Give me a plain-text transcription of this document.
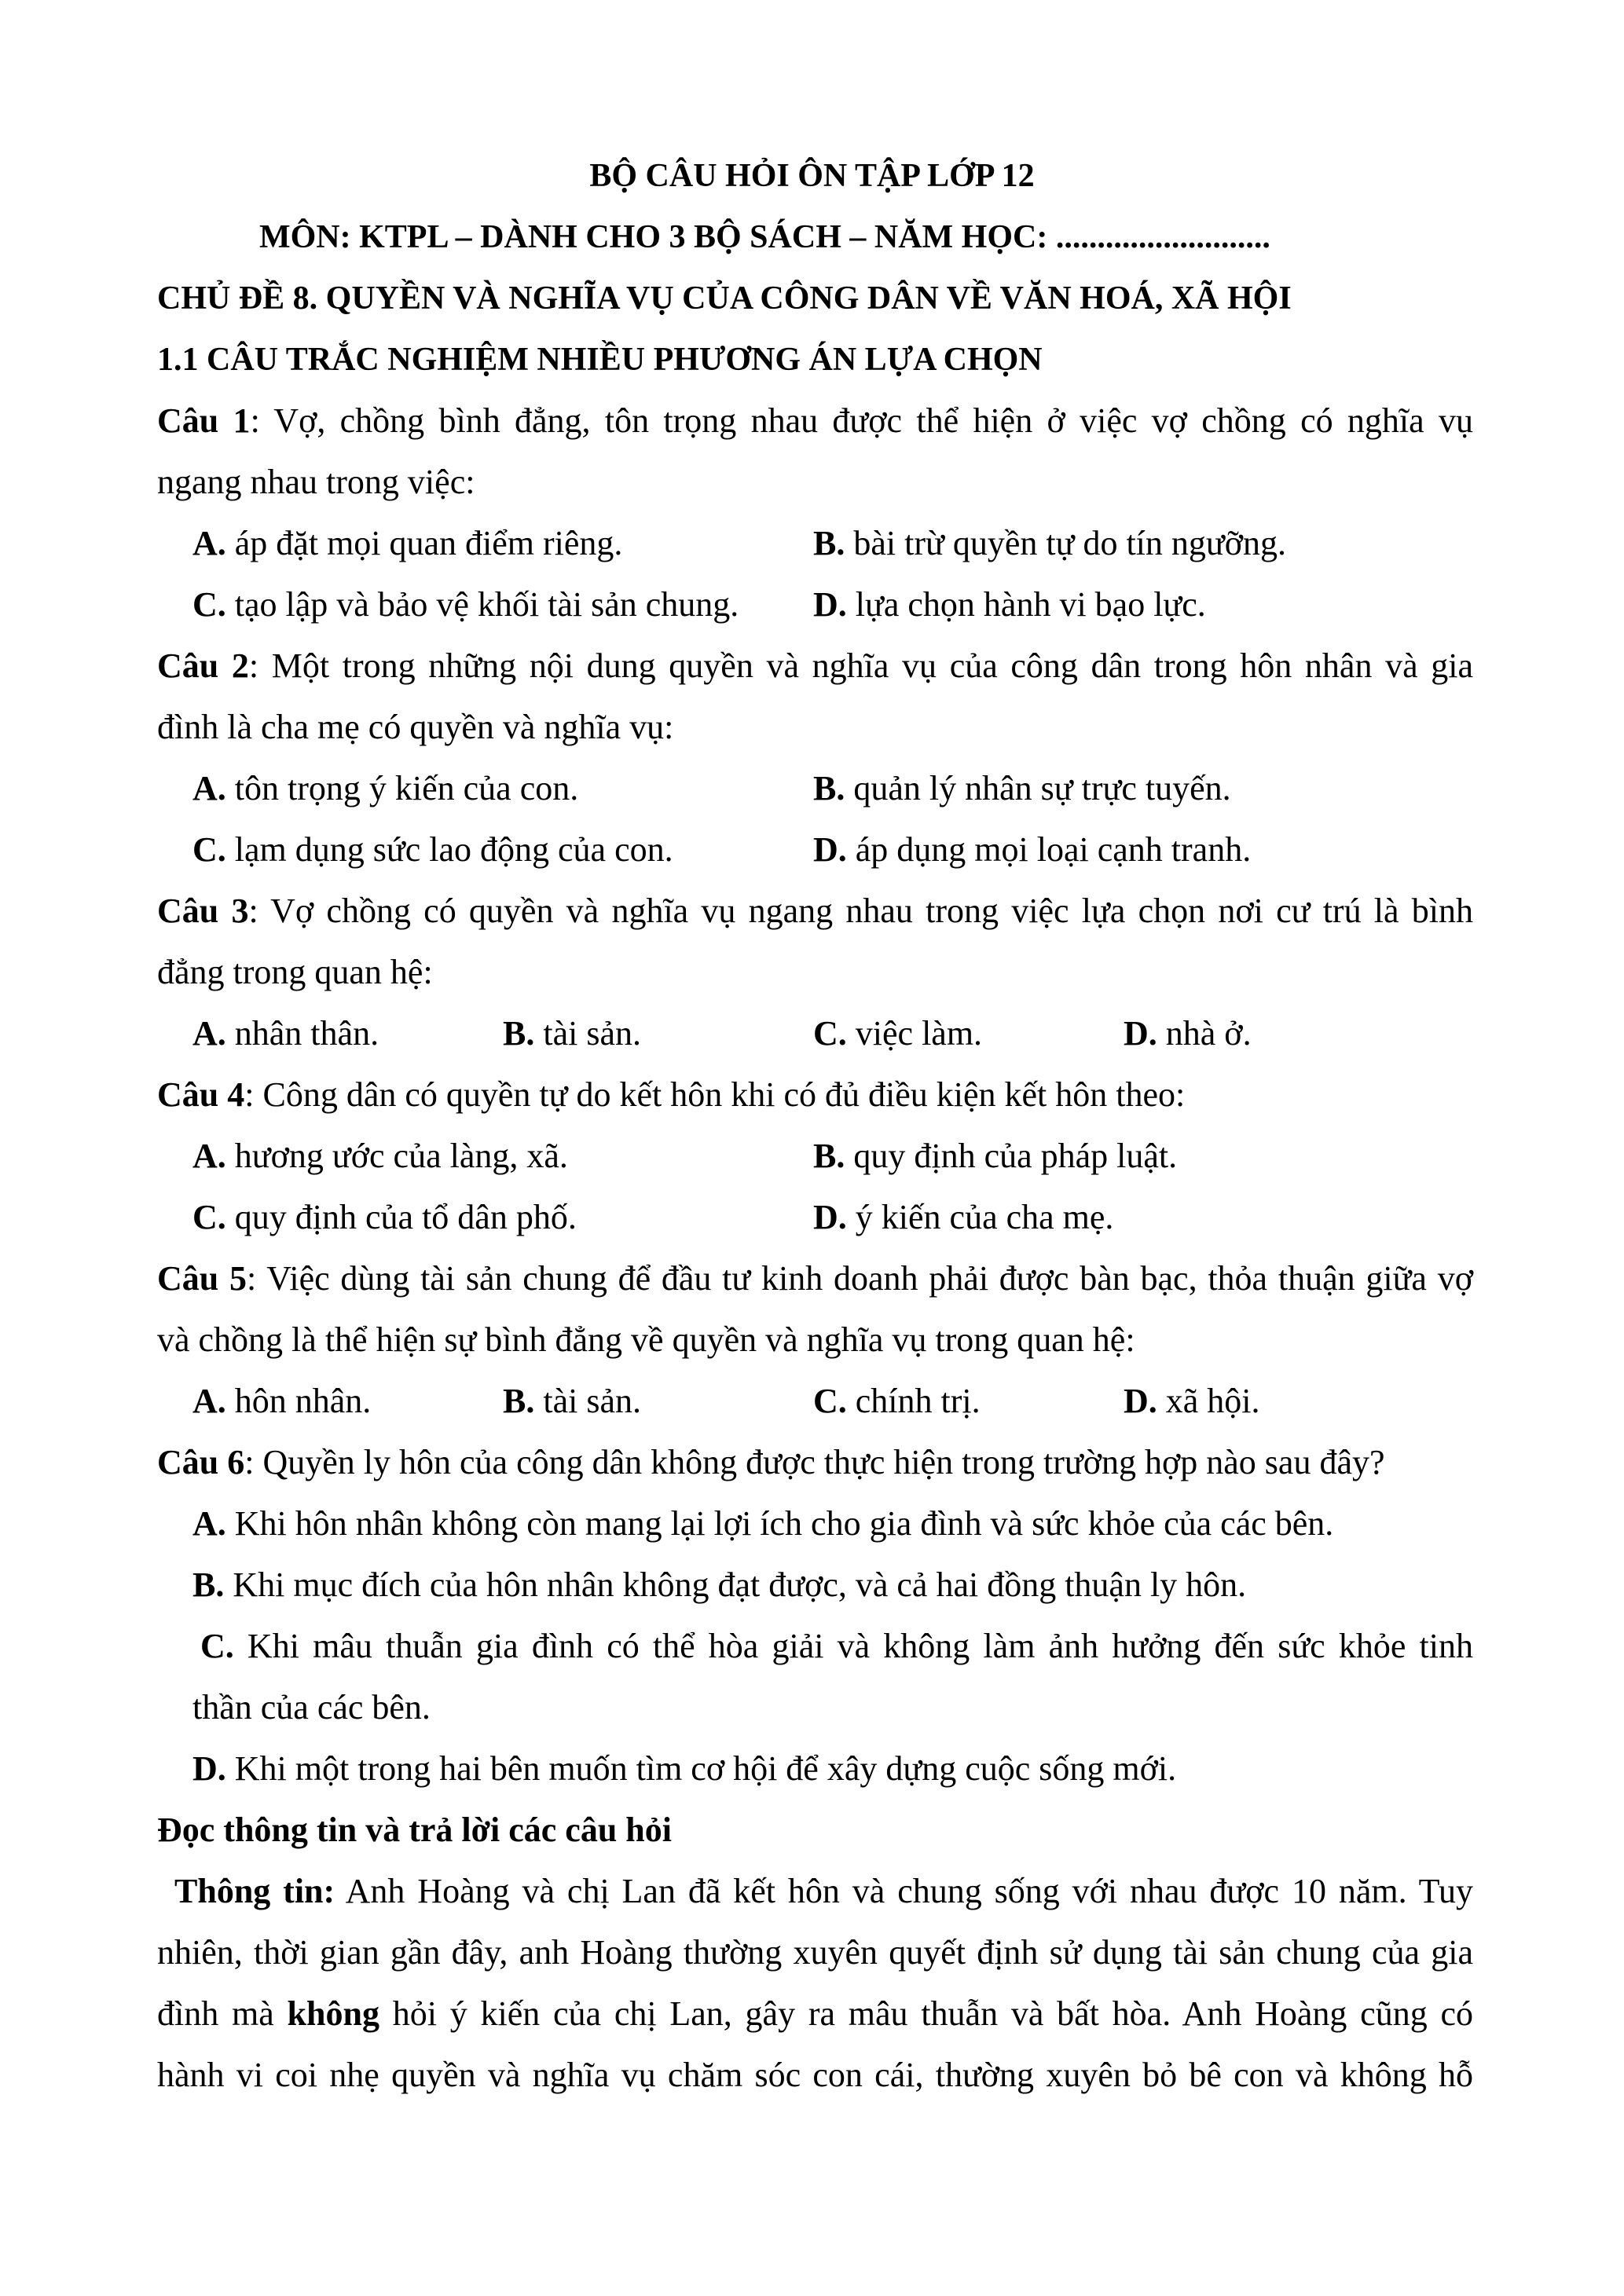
BỘ CÂU HỎI ÔN TẬP LỚP 12
MÔN: KTPL – DÀNH CHO 3 BỘ SÁCH – NĂM HỌC: ..........................
CHỦ ĐỀ 8. QUYỀN VÀ NGHĨA VỤ CỦA CÔNG DÂN VỀ VĂN HOÁ, XÃ HỘI
1.1 CÂU TRẮC NGHIỆM NHIỀU PHƯƠNG ÁN LỰA CHỌN
Câu 1: Vợ, chồng bình đẳng, tôn trọng nhau được thể hiện ở việc vợ chồng có nghĩa vụ
ngang nhau trong việc:
A. áp đặt mọi quan điểm riêng.	B. bài trừ quyền tự do tín ngưỡng.
C. tạo lập và bảo vệ khối tài sản chung. D. lựa chọn hành vi bạo lực.
Câu 2: Một trong những nội dung quyền và nghĩa vụ của công dân trong hôn nhân và gia
đình là cha mẹ có quyền và nghĩa vụ:
A. tôn trọng ý kiến của con.	B. quản lý nhân sự trực tuyến.
C. lạm dụng sức lao động của con.	D. áp dụng mọi loại cạnh tranh.
Câu 3: Vợ chồng có quyền và nghĩa vụ ngang nhau trong việc lựa chọn nơi cư trú là bình
đẳng trong quan hệ:
A. nhân thân.	B. tài sản.	C. việc làm.	D. nhà ở.
Câu 4: Công dân có quyền tự do kết hôn khi có đủ điều kiện kết hôn theo:
A. hương ước của làng, xã.	B. quy định của pháp luật.
C. quy định của tổ dân phố.	D. ý kiến của cha mẹ.
Câu 5: Việc dùng tài sản chung để đầu tư kinh doanh phải được bàn bạc, thỏa thuận giữa vợ
và chồng là thể hiện sự bình đẳng về quyền và nghĩa vụ trong quan hệ:
A. hôn nhân.	B. tài sản.	C. chính trị.	D. xã hội.
Câu 6: Quyền ly hôn của công dân không được thực hiện trong trường hợp nào sau đây?
A. Khi hôn nhân không còn mang lại lợi ích cho gia đình và sức khỏe của các bên.
B. Khi mục đích của hôn nhân không đạt được, và cả hai đồng thuận ly hôn.
C. Khi mâu thuẫn gia đình có thể hòa giải và không làm ảnh hưởng đến sức khỏe tinh
thần của các bên.
D. Khi một trong hai bên muốn tìm cơ hội để xây dựng cuộc sống mới.
Đọc thông tin và trả lời các câu hỏi
Thông tin: Anh Hoàng và chị Lan đã kết hôn và chung sống với nhau được 10 năm. Tuy
nhiên, thời gian gần đây, anh Hoàng thường xuyên quyết định sử dụng tài sản chung của gia
đình mà không hỏi ý kiến của chị Lan, gây ra mâu thuẫn và bất hòa. Anh Hoàng cũng có
hành vi coi nhẹ quyền và nghĩa vụ chăm sóc con cái, thường xuyên bỏ bê con và không hỗ
